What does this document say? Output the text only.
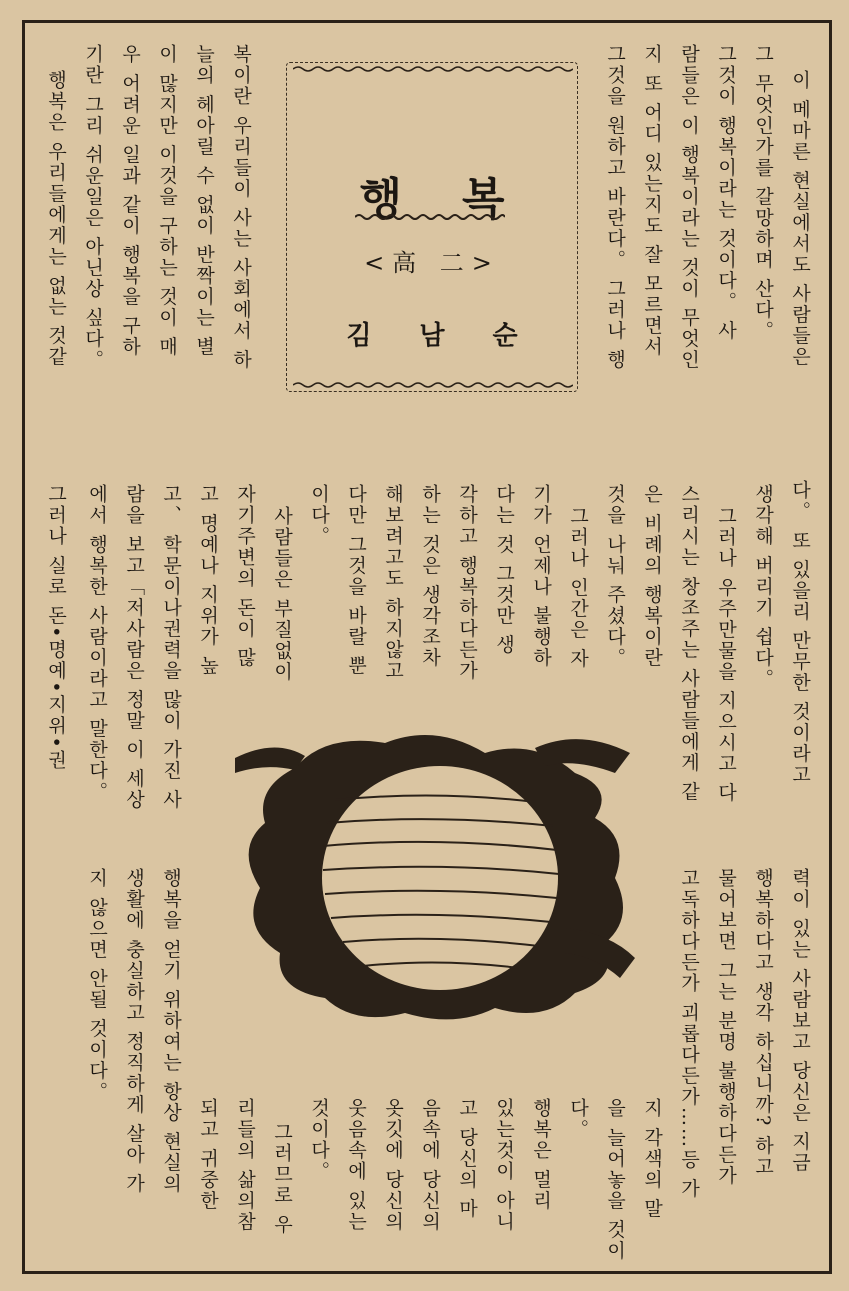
행복
<高 二>
김남순	이 메마른 현실에서도 사람들은
그 무엇인가를 갈망하며 산다。
그것이 행복이라는 것이다。 사
람들은 이 행복이라는 것이 무엇인
지 또 어디 있는지도 잘 모르면서
그것을 원하고 바란다。 그러나 행
복이란 우리들이 사는 사회에서 하
늘의 헤아릴 수 없이 반짝이는 별
이 많지만 이것을 구하는 것이 매
우 어려운 일과 같이 행복을 구하
기란 그리 쉬운일은 아닌상 싶다。
행복은 우리들에게는 없는 것같
다。 또 있을리 만무한 것이라고
생각해 버리기 쉽다。
그러나 우주만물을 지으시고 다
스리시는 창조주는 사람들에게 같
은 비례의 행복이란
것을 나눠 주셨다。
그러나 인간은 자
기가 언제나 불행하
다는 것 그것만 생
각하고 행복하다든가
하는 것은 생각조차
해보려고도 하지않고
다만 그것을 바랄 뿐
이다。
사람들은 부질없이
자기주변의 돈이 많
고 명예나 지위가 높
고、 학문이나권력을 많이 가진 사
람을 보고「저사람은 정말 이 세상
에서 행복한 사람이라고 말한다。
그러나 실로 돈•명예•지위•권
력이 있는 사람보고 당신은 지금
행복하다고 생각 하십니까? 하고
물어보면 그는 분명 불행하다든가
고독하다든가 괴롭다든가……등 가
지 각색의 말
을 늘어놓을 것이
다。
행복은 멀리
있는것이 아니
고 당신의 마
음속에 당신의
옷깃에 당신의
웃음속에 있는
것이다。
그러므로 우
리들의 삶의참
되고 귀중한
행복을 얻기 위하여는 항상 현실의
생활에 충실하고 정직하게 살아 가
지 않으면 안될 것이다。
